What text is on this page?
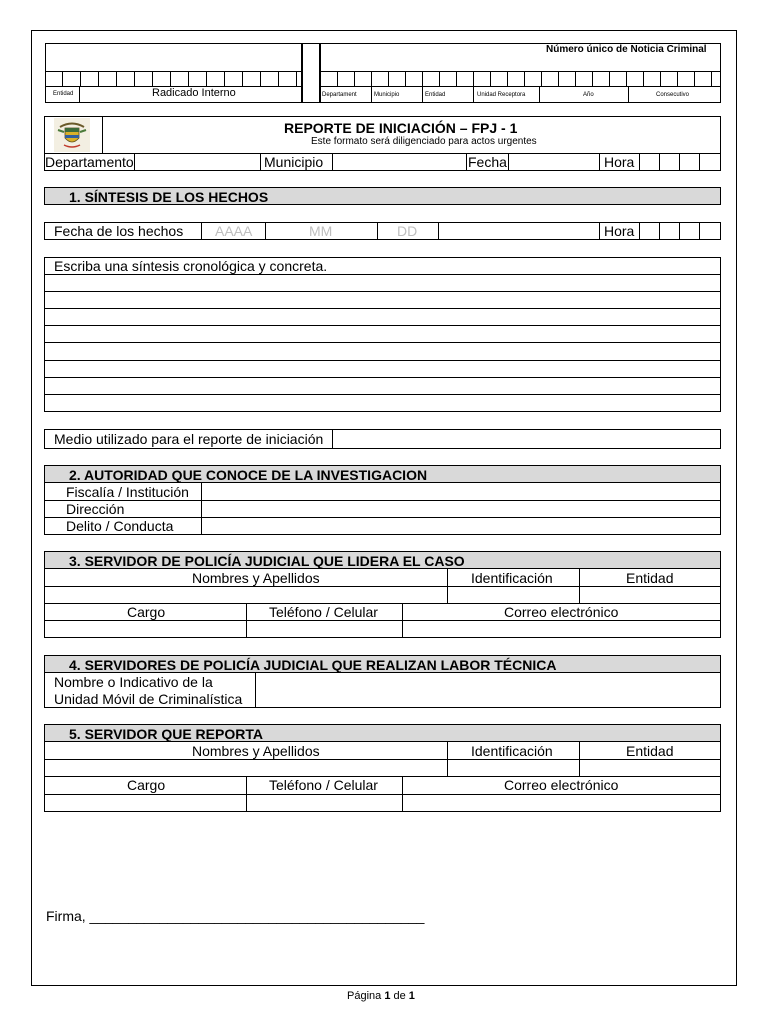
Entidad	Radicado Interno
Número único de Noticia Criminal
Departament	Municipio	Entidad	Unidad Receptora	Año	Consecutivo
REPORTE DE INICIACIÓN – FPJ - 1
Este formato será diligenciado para actos urgentes
Departamento	Municipio	Fecha	Hora
1. SÍNTESIS DE LOS HECHOS
Fecha de los hechos AAAA	MM	DD	Hora
Escriba una síntesis cronológica y concreta.
Medio utilizado para el reporte de iniciación
2. AUTORIDAD QUE CONOCE DE LA INVESTIGACION
Fiscalía / Institución
Dirección
Delito / Conducta
3. SERVIDOR DE POLICÍA JUDICIAL QUE LIDERA EL CASO
Nombres y Apellidos	Identificación	Entidad
Cargo	Teléfono / Celular	Correo electrónico
4. SERVIDORES DE POLICÍA JUDICIAL QUE REALIZAN LABOR TÉCNICA
Nombre o Indicativo de la
Unidad Móvil de Criminalística
5. SERVIDOR QUE REPORTA
Nombres y Apellidos	Identificación	Entidad
Cargo	Teléfono / Celular	Correo electrónico
Firma, ___________________________________________
Página 1 de 1
